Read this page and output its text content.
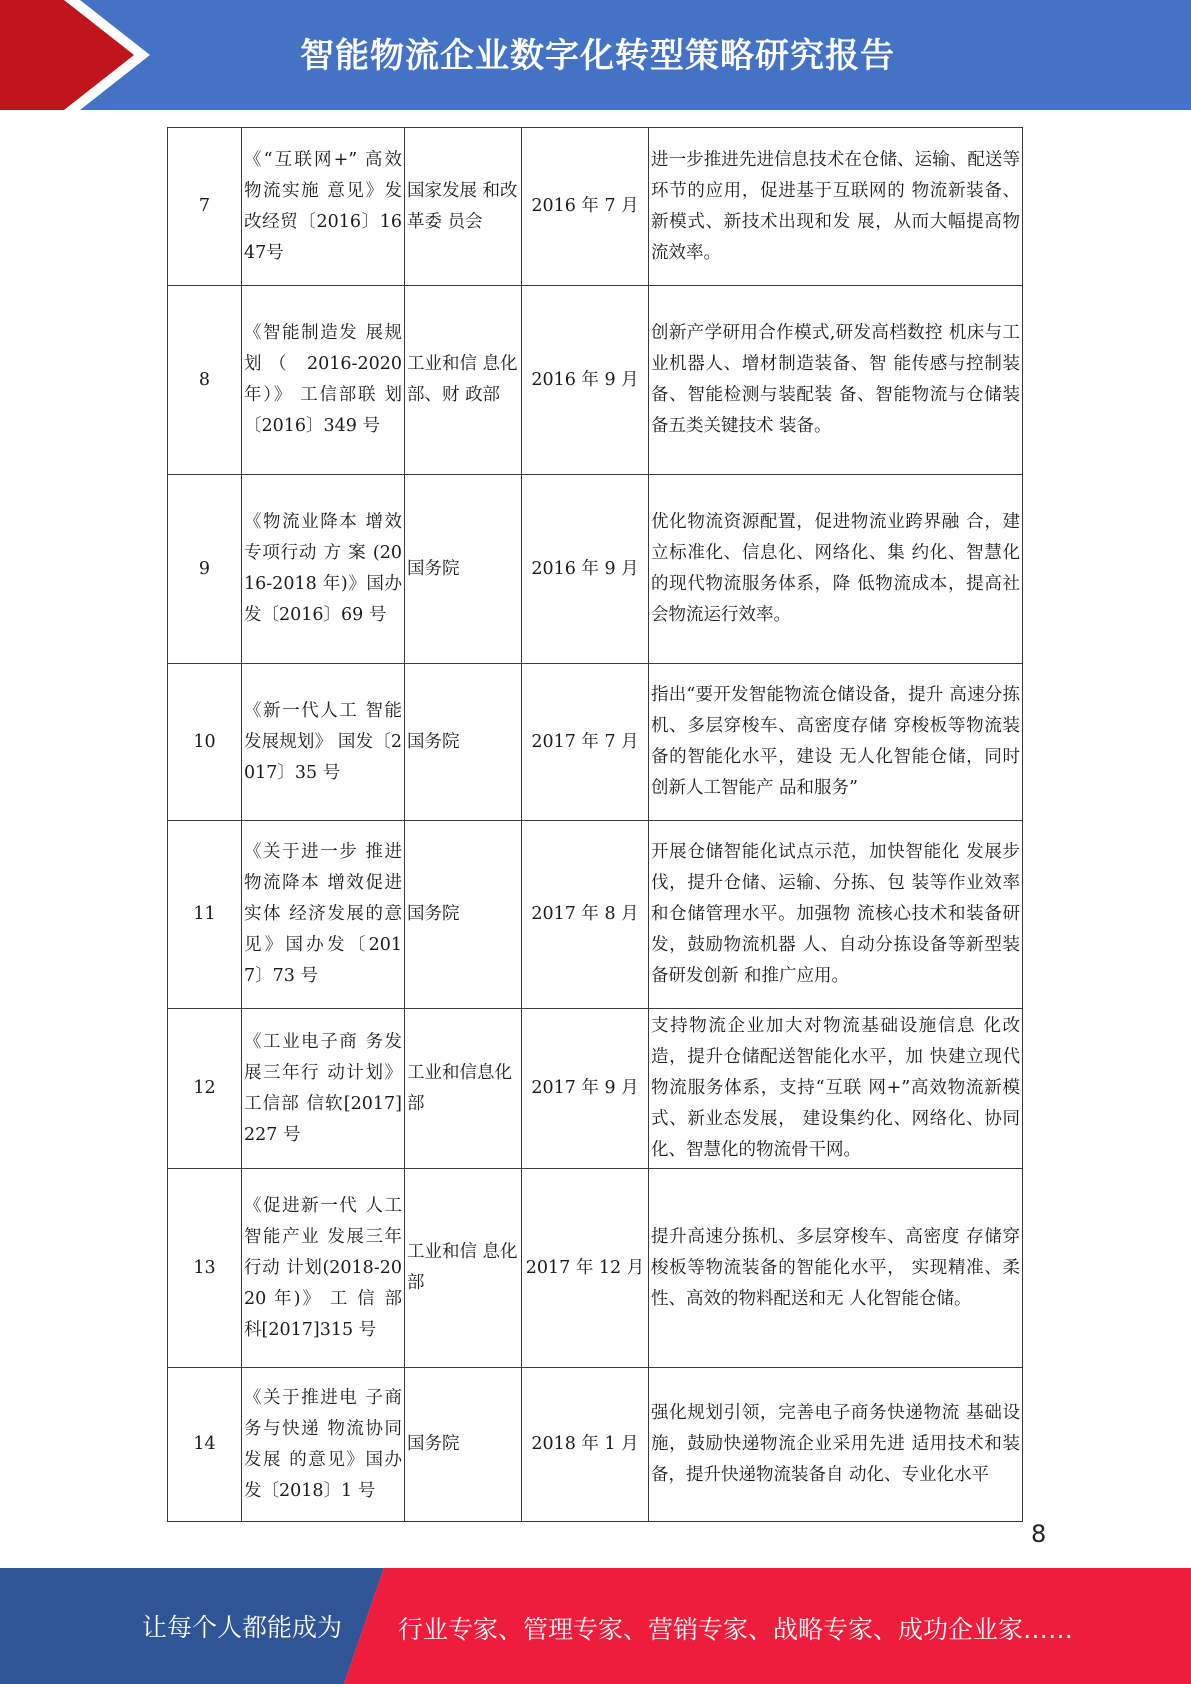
智能物流企业数字化转型策略研究报告
7	《“互联网+” 高效物流实施 意见》发改经贸〔2016〕1647号	国家发展 和改革委 员会	2016 年 7 月	进一步推进先进信息技术在仓储、运输、配送等环节的应用，促进基于互联网的 物流新装备、新模式、新技术出现和发 展，从而大幅提高物流效率。
8	《智能制造发 展规 划（ 2016-2020 年）》 工信部联 划〔2016〕349 号	工业和信 息化部、财 政部	2016 年 9 月	创新产学研用合作模式,研发高档数控 机床与工业机器人、增材制造装备、智 能传感与控制装备、智能检测与装配装 备、智能物流与仓储装备五类关键技术 装备。
9	《物流业降本 增效专项行动 方 案 (2016-2018 年)》国办发〔2016〕69 号	国务院	2016 年 9 月	优化物流资源配置，促进物流业跨界融 合，建立标准化、信息化、网络化、集 约化、智慧化的现代物流服务体系，降 低物流成本，提高社会物流运行效率。
10	《新一代人工 智能发展规划》 国发〔2017〕35 号	国务院	2017 年 7 月	指出“要开发智能物流仓储设备，提升 高速分拣机、多层穿梭车、高密度存储 穿梭板等物流装备的智能化水平，建设 无人化智能仓储，同时创新人工智能产 品和服务”
11	《关于进一步 推进物流降本 增效促进实体 经济发展的意 见》国办发〔2017〕73 号	国务院	2017 年 8 月	开展仓储智能化试点示范，加快智能化 发展步伐，提升仓储、运输、分拣、包 装等作业效率和仓储管理水平。加强物 流核心技术和装备研发，鼓励物流机器 人、自动分拣设备等新型装备研发创新 和推广应用。
12	《工业电子商 务发展三年行 动计划》工信部 信软[2017]227 号	工业和信息化部	2017 年 9 月	支持物流企业加大对物流基础设施信息 化改造，提升仓储配送智能化水平，加 快建立现代物流服务体系，支持“互联 网+”高效物流新模式、新业态发展， 建设集约化、网络化、协同化、智慧化的物流骨干网。
13	《促进新一代 人工智能产业 发展三年行动 计划(2018-2020 年)》 工 信 部 科[2017]315 号	工业和信 息化部	2017 年 12 月	提升高速分拣机、多层穿梭车、高密度 存储穿梭板等物流装备的智能化水平， 实现精准、柔性、高效的物料配送和无 人化智能仓储。
14	《关于推进电 子商务与快递 物流协同发展 的意见》国办发〔2018〕1 号	国务院	2018 年 1 月	强化规划引领，完善电子商务快递物流 基础设施，鼓励快递物流企业采用先进 适用技术和装备，提升快递物流装备自 动化、专业化水平
8
让每个人都能成为 行业专家、管理专家、营销专家、战略专家、成功企业家……
